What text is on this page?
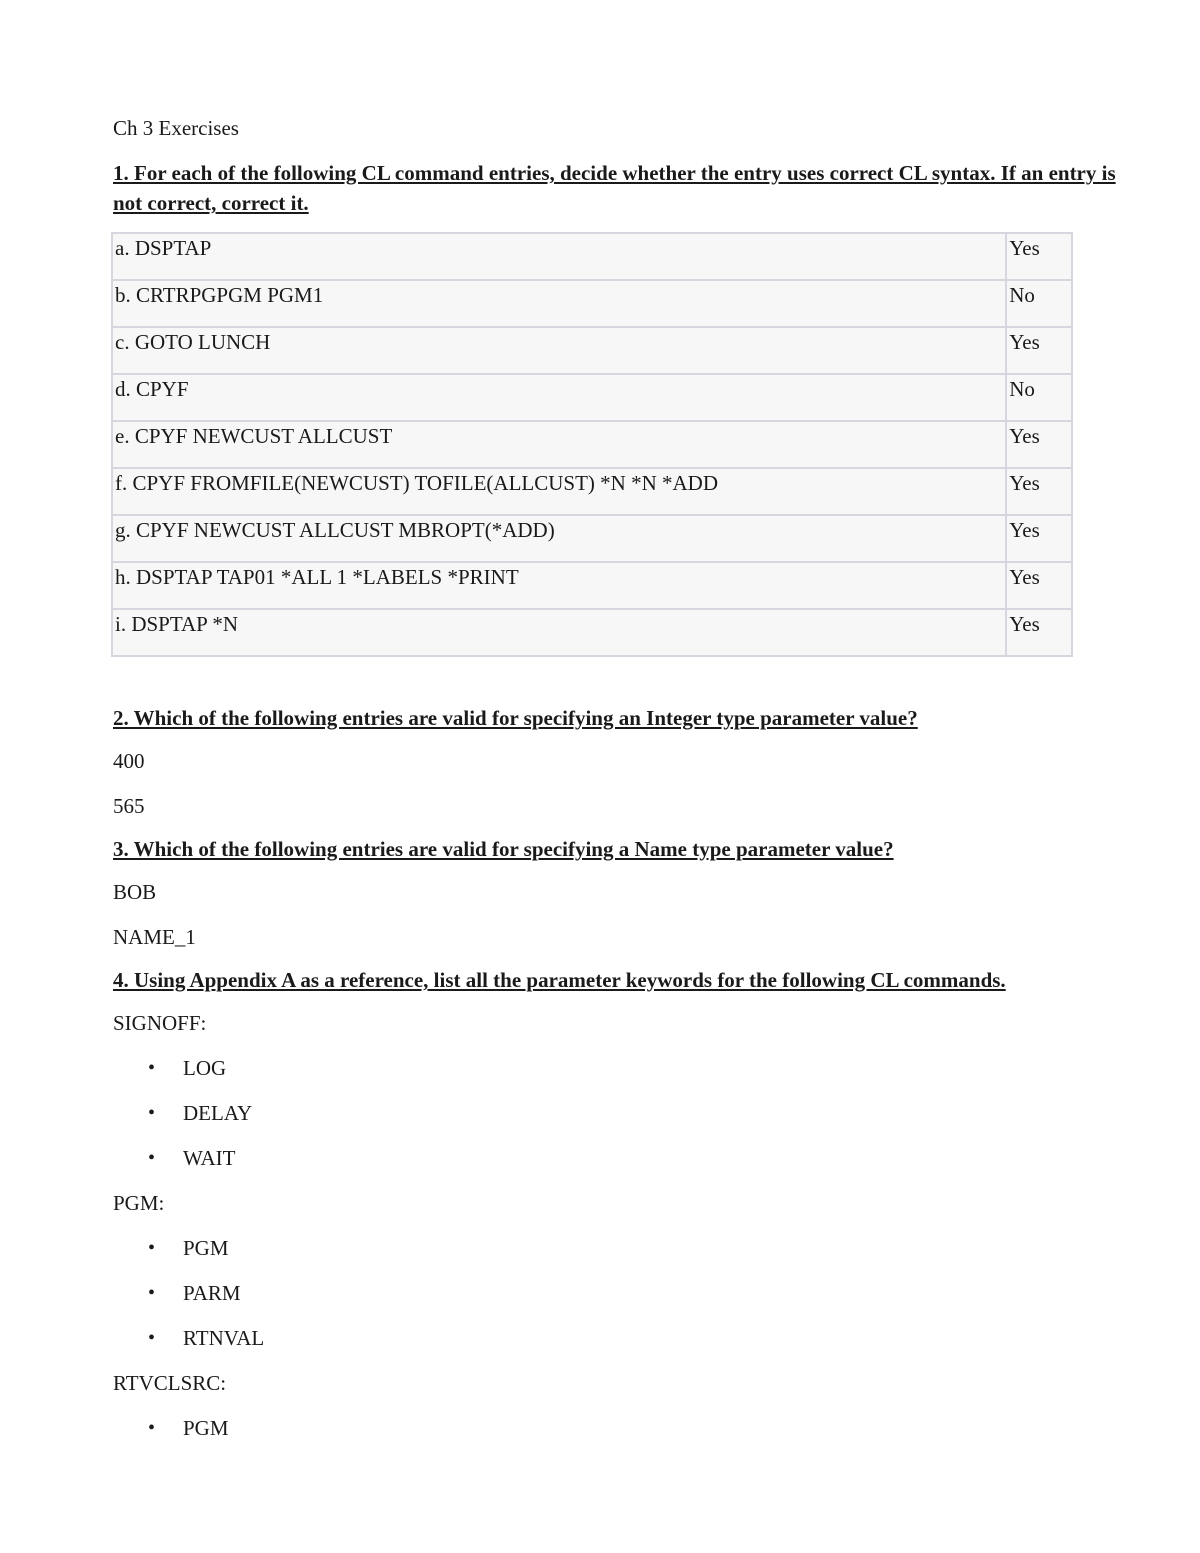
Ch 3 Exercises

1. For each of the following CL command entries, decide whether the entry uses correct CL syntax. If an entry is not correct, correct it.

a. DSPTAP	Yes
b. CRTRPGPGM PGM1	No
c. GOTO LUNCH	Yes
d. CPYF	No
e. CPYF NEWCUST ALLCUST	Yes
f. CPYF FROMFILE(NEWCUST) TOFILE(ALLCUST) *N *N *ADD	Yes
g. CPYF NEWCUST ALLCUST MBROPT(*ADD)	Yes
h. DSPTAP TAP01 *ALL 1 *LABELS *PRINT	Yes
i. DSPTAP *N	Yes

2. Which of the following entries are valid for specifying an Integer type parameter value?

400

565

3. Which of the following entries are valid for specifying a Name type parameter value?

BOB

NAME_1

4. Using Appendix A as a reference, list all the parameter keywords for the following CL commands.

SIGNOFF:

• LOG
• DELAY
• WAIT

PGM:

• PGM
• PARM
• RTNVAL

RTVCLSRC:

• PGM
